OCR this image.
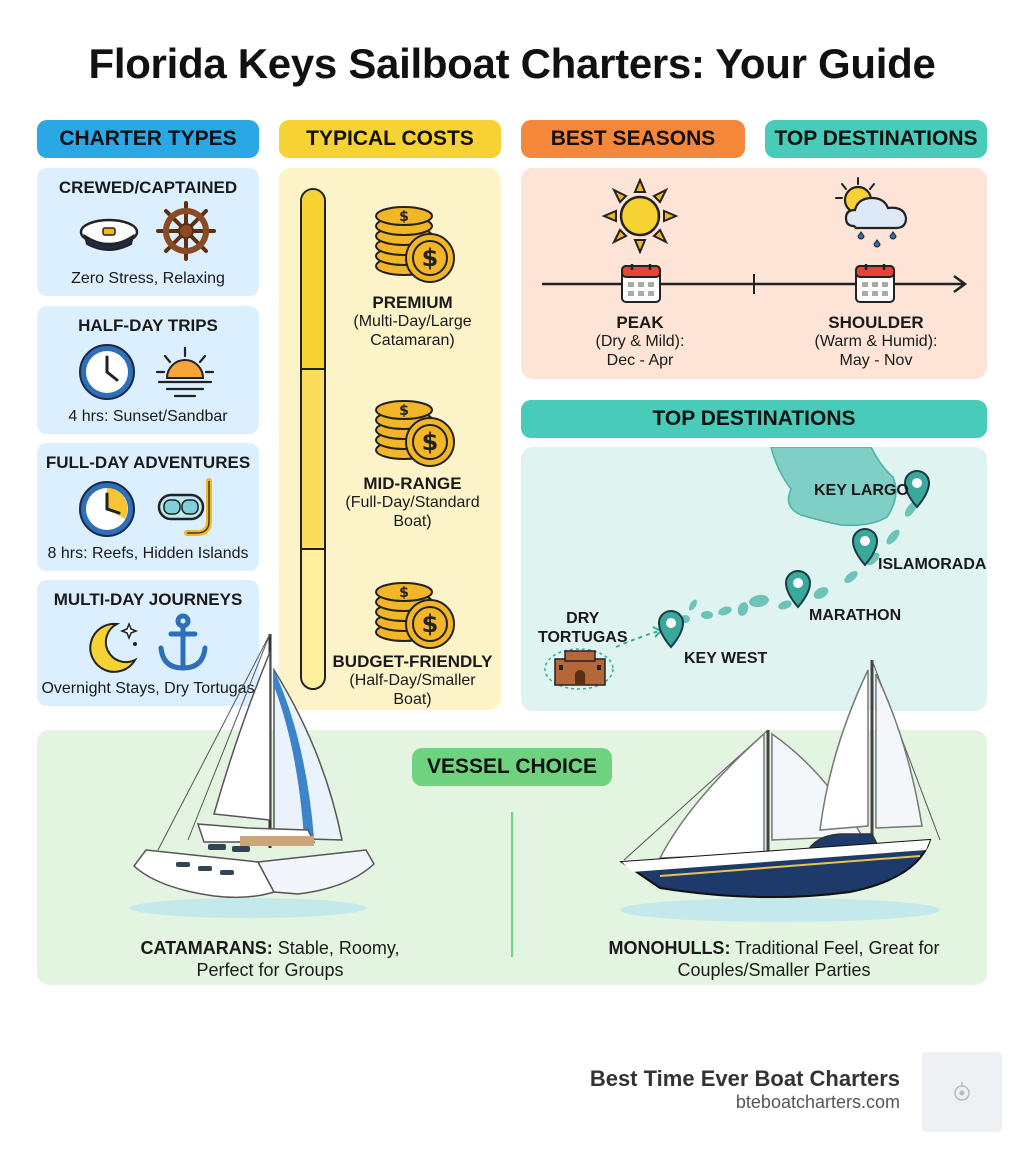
Florida Keys Sailboat Charters: Your Guide
CHARTER TYPES
CREWED/CAPTAINED
Zero Stress, Relaxing
HALF-DAY TRIPS
4 hrs: Sunset/Sandbar
FULL-DAY ADVENTURES
8 hrs: Reefs, Hidden Islands
MULTI-DAY JOURNEYS
Overnight Stays, Dry Tortugas
TYPICAL COSTS
$
$
PREMIUM
(Multi-Day/Large Catamaran)
$
$
MID-RANGE
(Full-Day/Standard Boat)
$
$
BUDGET-FRIENDLY
(Half-Day/Smaller Boat)
BEST SEASONS	TOP DESTINATIONS
PEAK
(Dry & Mild):
Dec - Apr
SHOULDER
(Warm & Humid):
May - Nov
TOP DESTINATIONS
KEY LARGO
ISLAMORADA
MARATHON
KEY WEST
DRY
TORTUGAS
VESSEL CHOICE
CATAMARANS: Stable, Roomy,
Perfect for Groups
MONOHULLS: Traditional Feel, Great for
Couples/Smaller Parties
Best Time Ever Boat Charters
bteboatcharters.com
